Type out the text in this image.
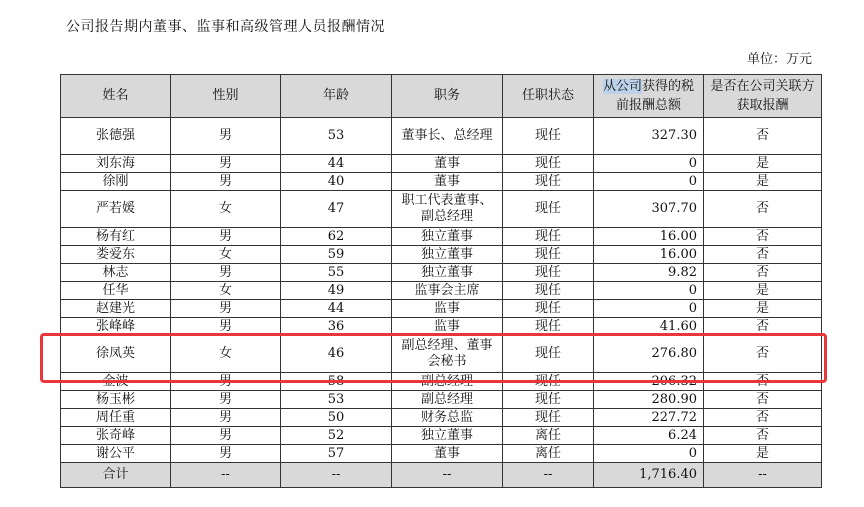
公司报告期内董事、监事和高级管理人员报酬情况
单位：万元
姓名	性别	年龄	职务	任职状态	从公司获得的税前报酬总额	是否在公司关联方获取报酬
张德强	男	53	董事长、总经理	现任	327.30	否
刘东海	男	44	董事	现任	0	是
徐刚	男	40	董事	现任	0	是
严若媛	女	47	职工代表董事、副总经理	现任	307.70	否
杨有红	男	62	独立董事	现任	16.00	否
娄爱东	女	59	独立董事	现任	16.00	否
林志	男	55	独立董事	现任	9.82	否
任华	女	49	监事会主席	现任	0	是
赵建光	男	44	监事	现任	0	是
张峰峰	男	36	监事	现任	41.60	否
徐凤英	女	46	副总经理、董事会秘书	现任	276.80	否
金波	男	58	副总经理	现任	206.32	否
杨玉彬	男	53	副总经理	现任	280.90	否
周任重	男	50	财务总监	现任	227.72	否
张奇峰	男	52	独立董事	离任	6.24	否
谢公平	男	57	董事	离任	0	是
合计	--	--	--	--	1,716.40	--
